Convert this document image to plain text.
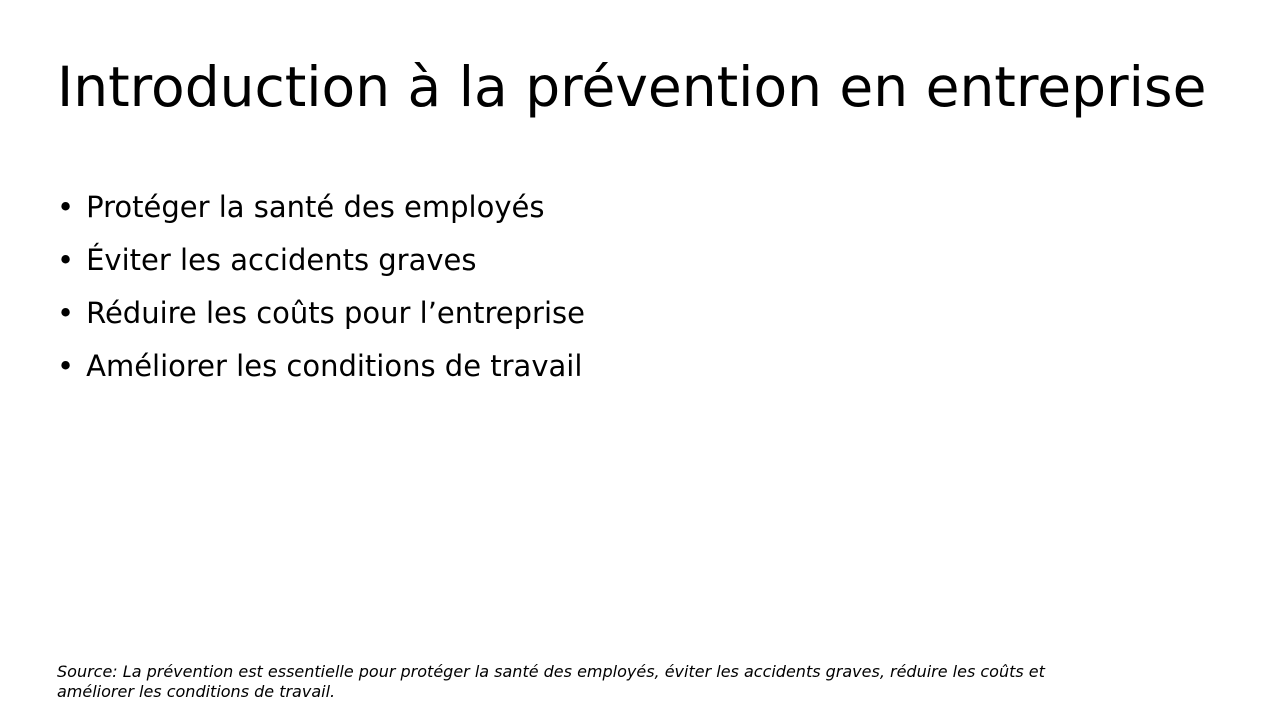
Introduction à la prévention en entreprise
• Protéger la santé des employés
• Éviter les accidents graves
• Réduire les coûts pour l’entreprise
• Améliorer les conditions de travail
Source: La prévention est essentielle pour protéger la santé des employés, éviter les accidents graves, réduire les coûts et
améliorer les conditions de travail.
